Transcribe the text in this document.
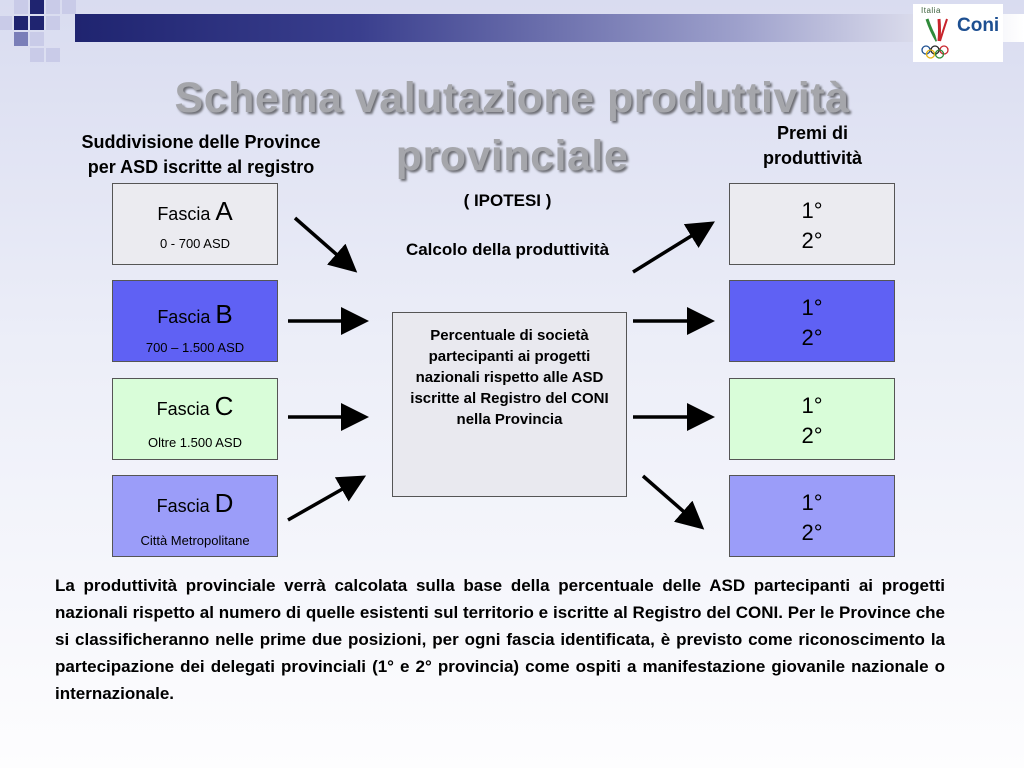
Italia
Coni
Schema valutazione produttività
provinciale
Suddivisione delle Province per ASD iscritte al registro
Premi di produttività
( IPOTESI )
Calcolo della produttività
Fascia A
0 - 700 ASD
Fascia B
700 – 1.500 ASD
Fascia C
Oltre 1.500 ASD
Fascia D
Città Metropolitane
1°
2°
1°
2°
1°
2°
1°
2°
Percentuale di società partecipanti ai progetti nazionali rispetto alle ASD iscritte al Registro del CONI nella Provincia
La produttività provinciale verrà calcolata sulla base della percentuale delle ASD partecipanti ai progetti nazionali rispetto al numero di quelle esistenti sul territorio e iscritte al Registro del CONI. Per le Province che si classificheranno nelle prime due posizioni, per ogni fascia identificata, è previsto come riconoscimento la partecipazione dei delegati provinciali (1° e 2° provincia) come ospiti a manifestazione giovanile nazionale o internazionale.
